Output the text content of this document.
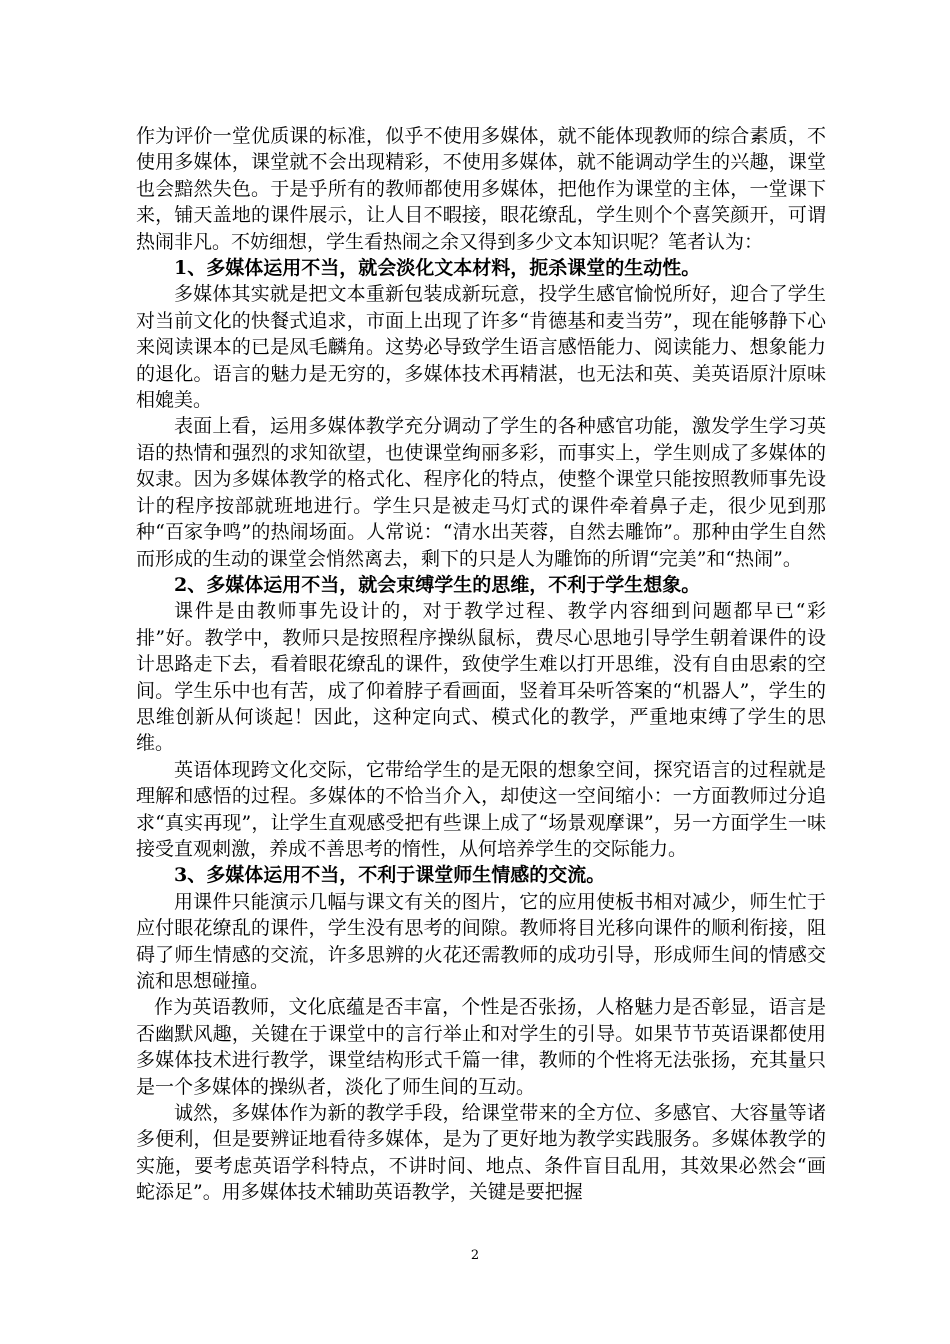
作为评价一堂优质课的标准，似乎不使用多媒体，就不能体现教师的综合素质，不使用多媒体，课堂就不会出现精彩，不使用多媒体，就不能调动学生的兴趣，课堂也会黯然失色。于是乎所有的教师都使用多媒体，把他作为课堂的主体，一堂课下来，铺天盖地的课件展示，让人目不暇接，眼花缭乱，学生则个个喜笑颜开，可谓热闹非凡。不妨细想，学生看热闹之余又得到多少文本知识呢？笔者认为：

1、多媒体运用不当，就会淡化文本材料，扼杀课堂的生动性。

多媒体其实就是把文本重新包装成新玩意，投学生感官愉悦所好，迎合了学生对当前文化的快餐式追求，市面上出现了许多“肯德基和麦当劳”，现在能够静下心来阅读课本的已是凤毛麟角。这势必导致学生语言感悟能力、阅读能力、想象能力的退化。语言的魅力是无穷的，多媒体技术再精湛，也无法和英、美英语原汁原味相媲美。

表面上看，运用多媒体教学充分调动了学生的各种感官功能，激发学生学习英语的热情和强烈的求知欲望，也使课堂绚丽多彩，而事实上，学生则成了多媒体的奴隶。因为多媒体教学的格式化、程序化的特点，使整个课堂只能按照教师事先设计的程序按部就班地进行。学生只是被走马灯式的课件牵着鼻子走，很少见到那种“百家争鸣”的热闹场面。人常说：“清水出芙蓉，自然去雕饰”。那种由学生自然而形成的生动的课堂会悄然离去，剩下的只是人为雕饰的所谓“完美”和“热闹”。

2、多媒体运用不当，就会束缚学生的思维，不利于学生想象。

课件是由教师事先设计的，对于教学过程、教学内容细到问题都早已“彩排”好。教学中，教师只是按照程序操纵鼠标，费尽心思地引导学生朝着课件的设计思路走下去，看着眼花缭乱的课件，致使学生难以打开思维，没有自由思索的空间。学生乐中也有苦，成了仰着脖子看画面，竖着耳朵听答案的“机器人”，学生的思维创新从何谈起！因此，这种定向式、模式化的教学，严重地束缚了学生的思维。

英语体现跨文化交际，它带给学生的是无限的想象空间，探究语言的过程就是理解和感悟的过程。多媒体的不恰当介入，却使这一空间缩小：一方面教师过分追求“真实再现”，让学生直观感受把有些课上成了“场景观摩课”，另一方面学生一味接受直观刺激，养成不善思考的惰性，从何培养学生的交际能力。

3、多媒体运用不当，不利于课堂师生情感的交流。

用课件只能演示几幅与课文有关的图片，它的应用使板书相对减少，师生忙于应付眼花缭乱的课件，学生没有思考的间隙。教师将目光移向课件的顺利衔接，阻碍了师生情感的交流，许多思辨的火花还需教师的成功引导，形成师生间的情感交流和思想碰撞。

作为英语教师，文化底蕴是否丰富，个性是否张扬，人格魅力是否彰显，语言是否幽默风趣，关键在于课堂中的言行举止和对学生的引导。如果节节英语课都使用多媒体技术进行教学，课堂结构形式千篇一律，教师的个性将无法张扬，充其量只是一个多媒体的操纵者，淡化了师生间的互动。

诚然，多媒体作为新的教学手段，给课堂带来的全方位、多感官、大容量等诸多便利，但是要辨证地看待多媒体，是为了更好地为教学实践服务。多媒体教学的实施，要考虑英语学科特点，不讲时间、地点、条件盲目乱用，其效果必然会“画蛇添足”。用多媒体技术辅助英语教学，关键是要把握

2
